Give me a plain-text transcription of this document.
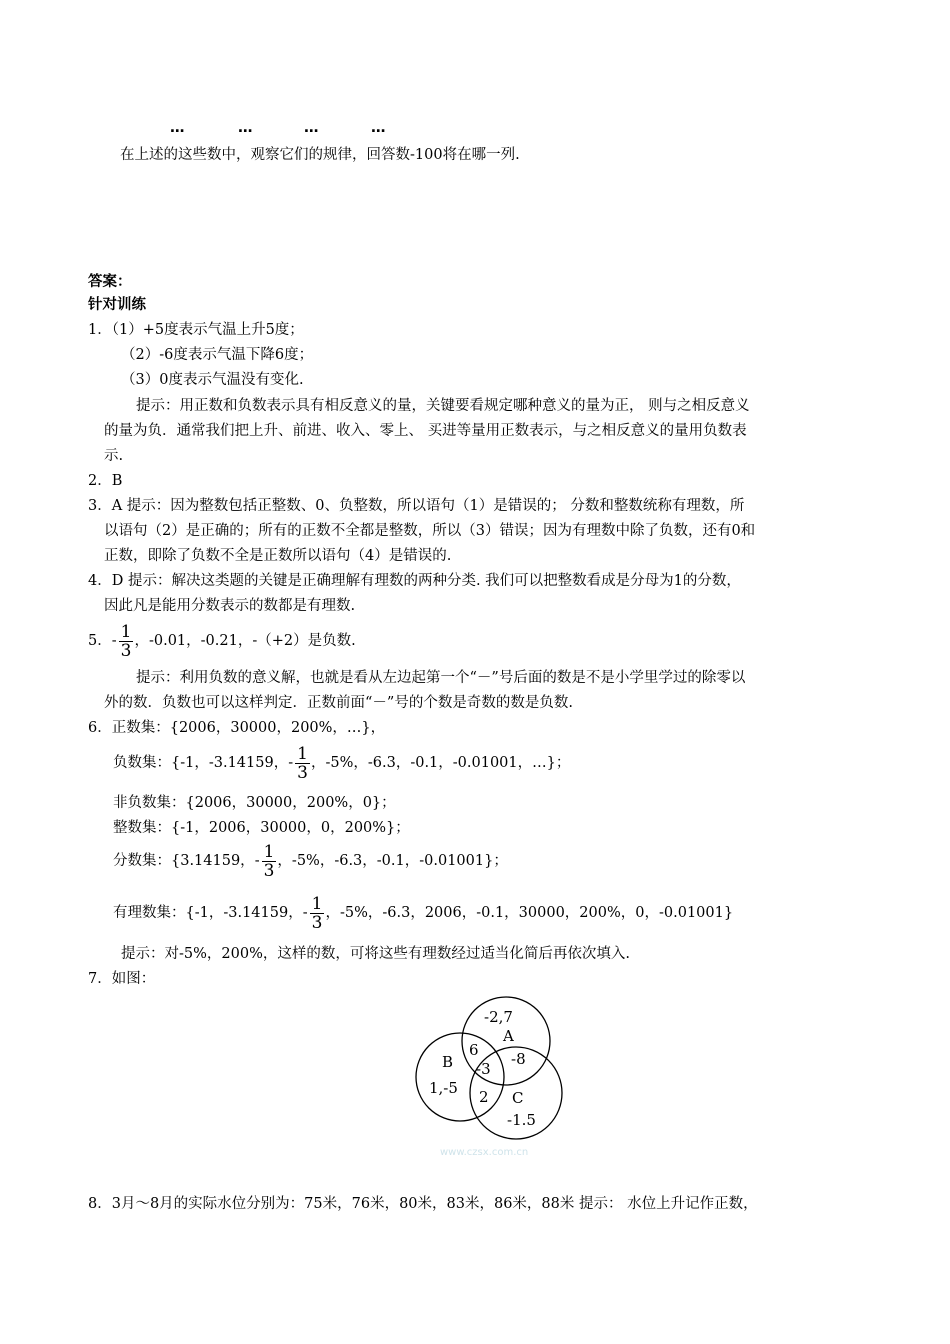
…	…	…	…
在上述的这些数中，观察它们的规律，回答数-100将在哪一列.
答案：
针对训练
1．（1）+5度表示气温上升5度；
（2）-6度表示气温下降6度；
（3）0度表示气温没有变化.
提示：用正数和负数表示具有相反意义的量，关键要看规定哪种意义的量为正， 则与之相反意义
的量为负．通常我们把上升、前进、收入、零上、 买进等量用正数表示，与之相反意义的量用负数表
示.
2．B
3．A 提示：因为整数包括正整数、0、负整数，所以语句（1）是错误的； 分数和整数统称有理数，所
以语句（2）是正确的；所有的正数不全都是整数，所以（3）错误；因为有理数中除了负数，还有0和
正数，即除了负数不全是正数所以语句（4）是错误的.
4．D 提示：解决这类题的关键是正确理解有理数的两种分类. 我们可以把整数看成是分母为1的分数，
因此凡是能用分数表示的数都是有理数.
5．- $\frac{1}{3}$ ，-0.01，-0.21，-（+2）是负数.
提示：利用负数的意义解，也就是看从左边起第一个“－”号后面的数是不是小学里学过的除零以
外的数．负数也可以这样判定．正数前面“－”号的个数是奇数的数是负数.
6．正数集：{2006，30000，200%，…}，
负数集：{-1，-3.14159，- $\frac{1}{3}$ ，-5%，-6.3，-0.1，-0.01001，…}；
非负数集：{2006，30000，200%，0}；
整数集：{-1，2006，30000，0，200%}；
分数集：{3.14159，- $\frac{1}{3}$ ，-5%，-6.3，-0.1，-0.01001}；
有理数集：{-1，-3.14159，- $\frac{1}{3}$ ，-5%，-6.3，2006，-0.1，30000，200%，0，-0.01001}
提示：对-5%，200%，这样的数，可将这些有理数经过适当化简后再依次填入.
7．如图：
-2,7
A
B
6 -8
-3
1,-5 2 C
-1.5
www.czsx.com.cn
8．3月～8月的实际水位分别为：75米，76米，80米，83米，86米，88米 提示： 水位上升记作正数，
